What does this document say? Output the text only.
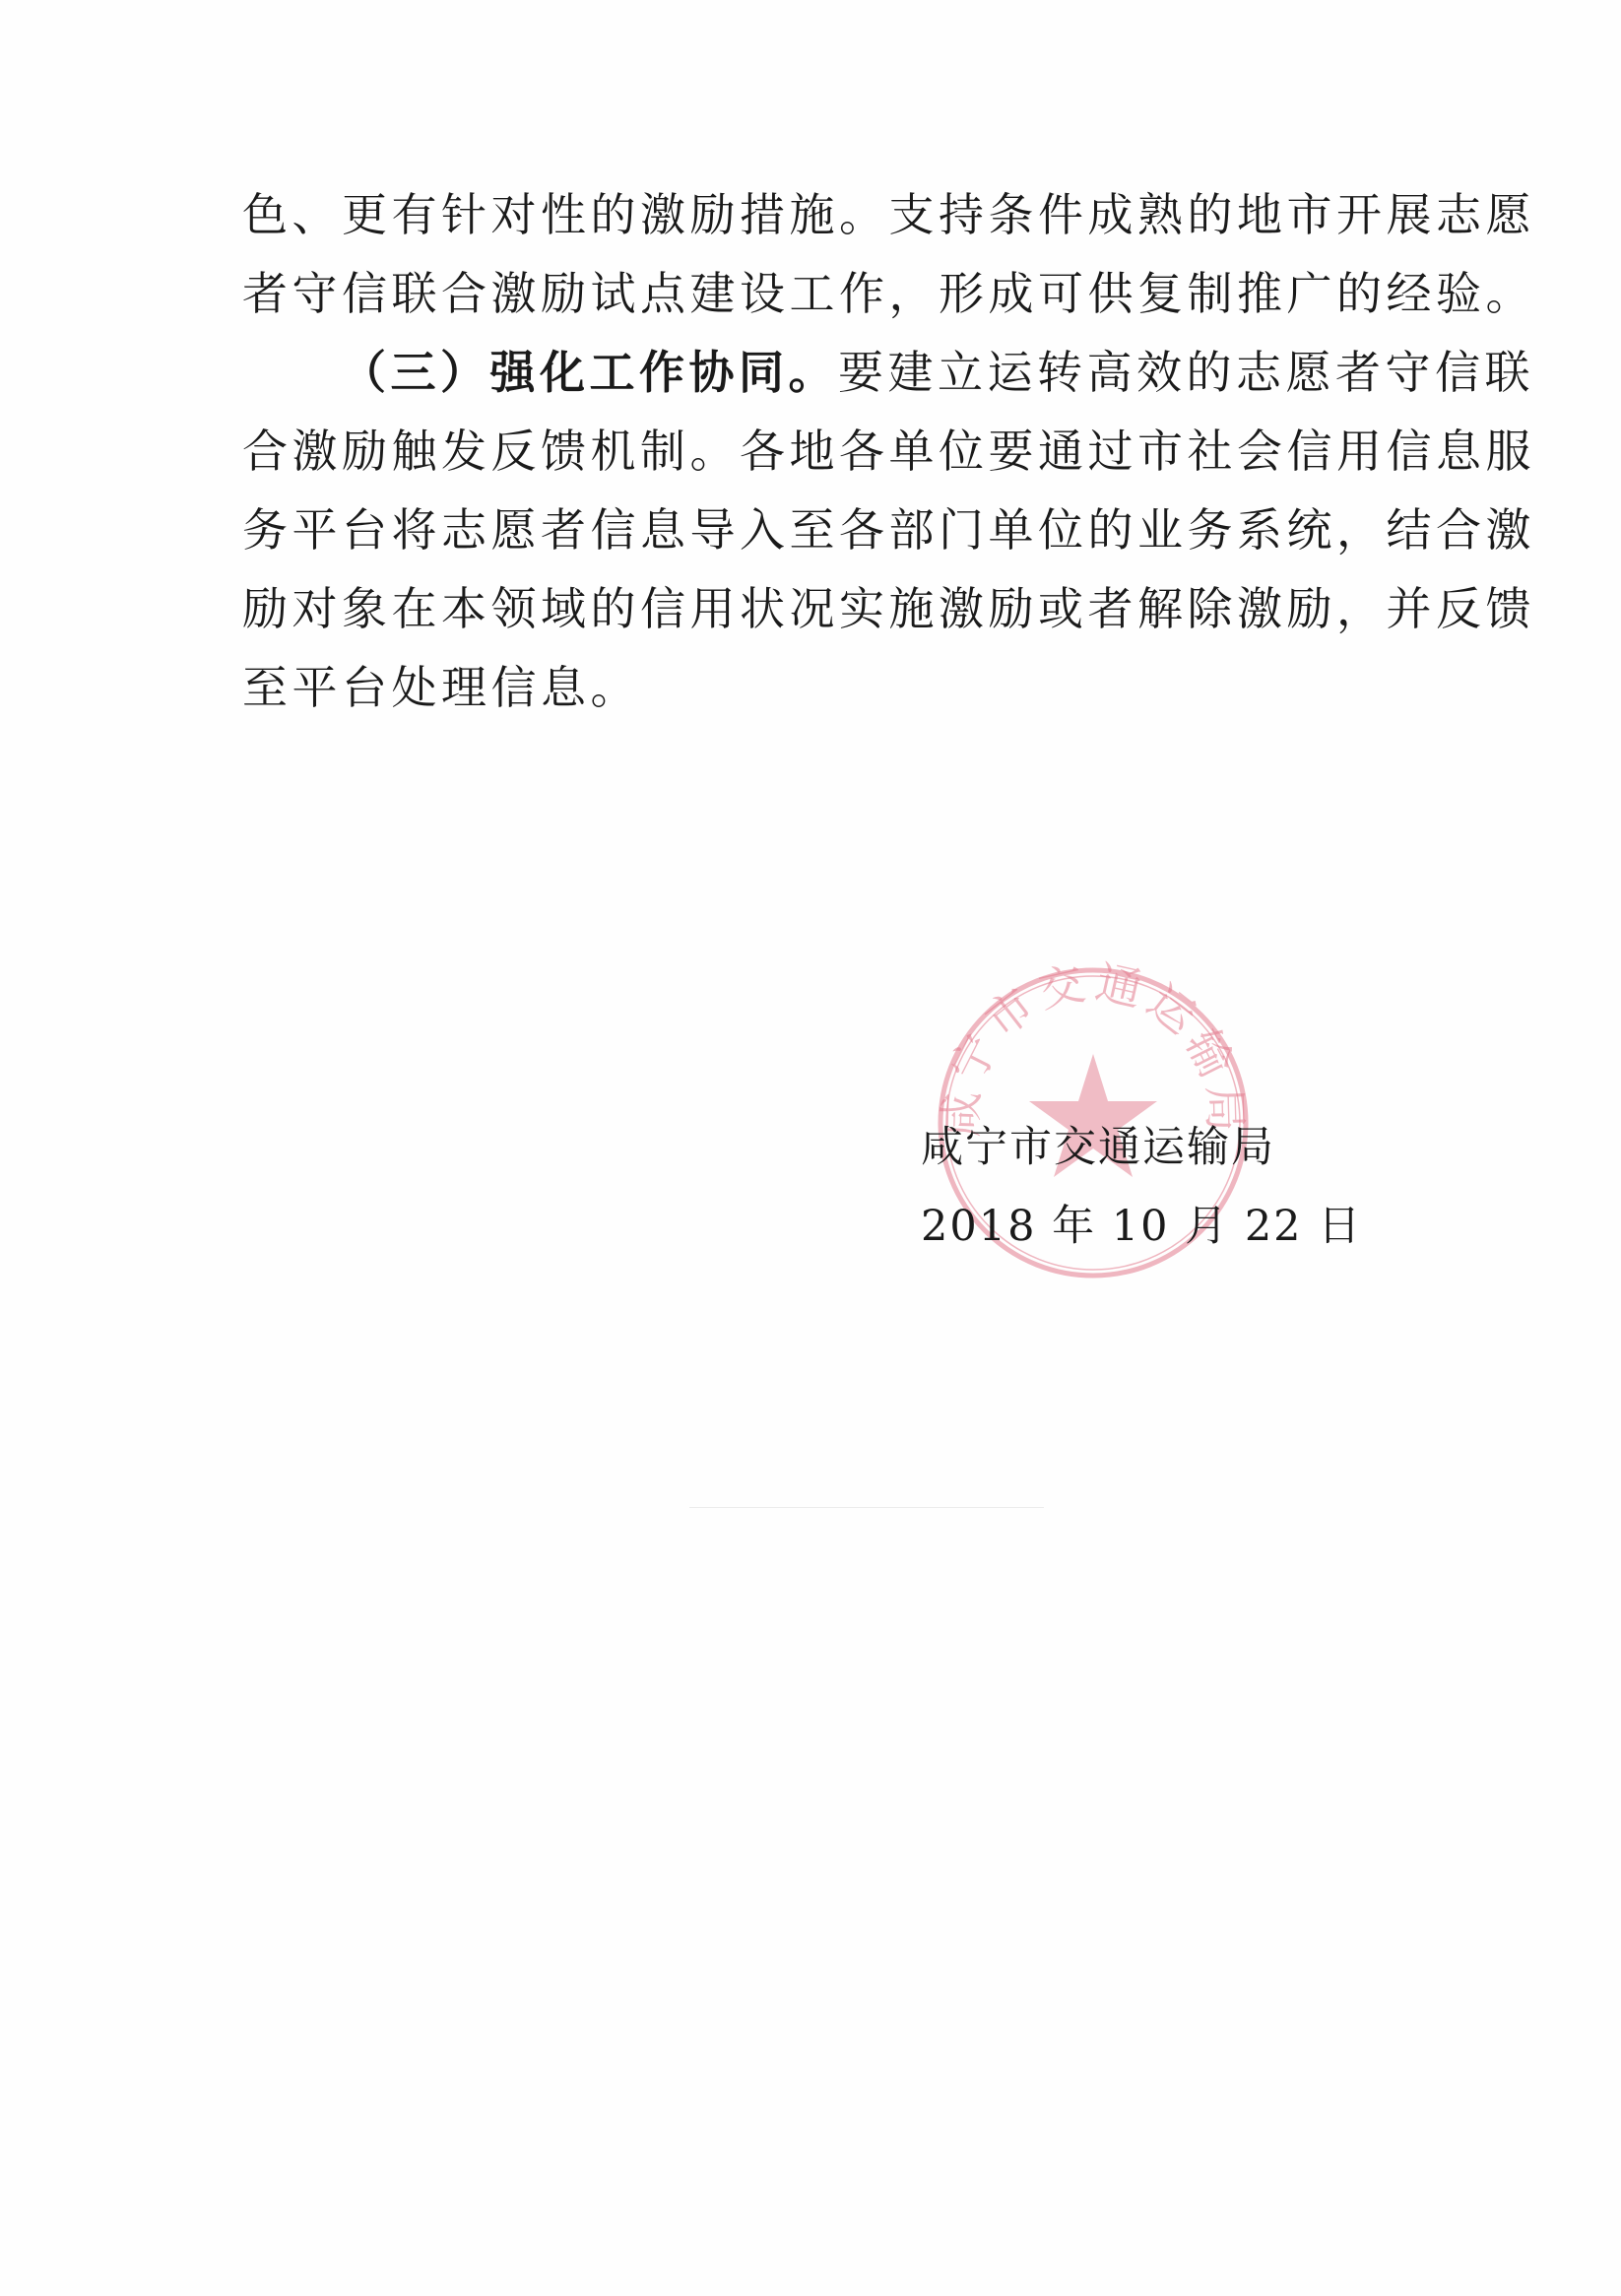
色、更有针对性的激励措施。支持条件成熟的地市开展志愿
者守信联合激励试点建设工作，形成可供复制推广的经验。
（三）强化工作协同。要建立运转高效的志愿者守信联
合激励触发反馈机制。各地各单位要通过市社会信用信息服
务平台将志愿者信息导入至各部门单位的业务系统，结合激
励对象在本领域的信用状况实施激励或者解除激励，并反馈
至平台处理信息。
咸宁市交通运输局
咸宁市交通运输局
2018 年 10 月 22 日
